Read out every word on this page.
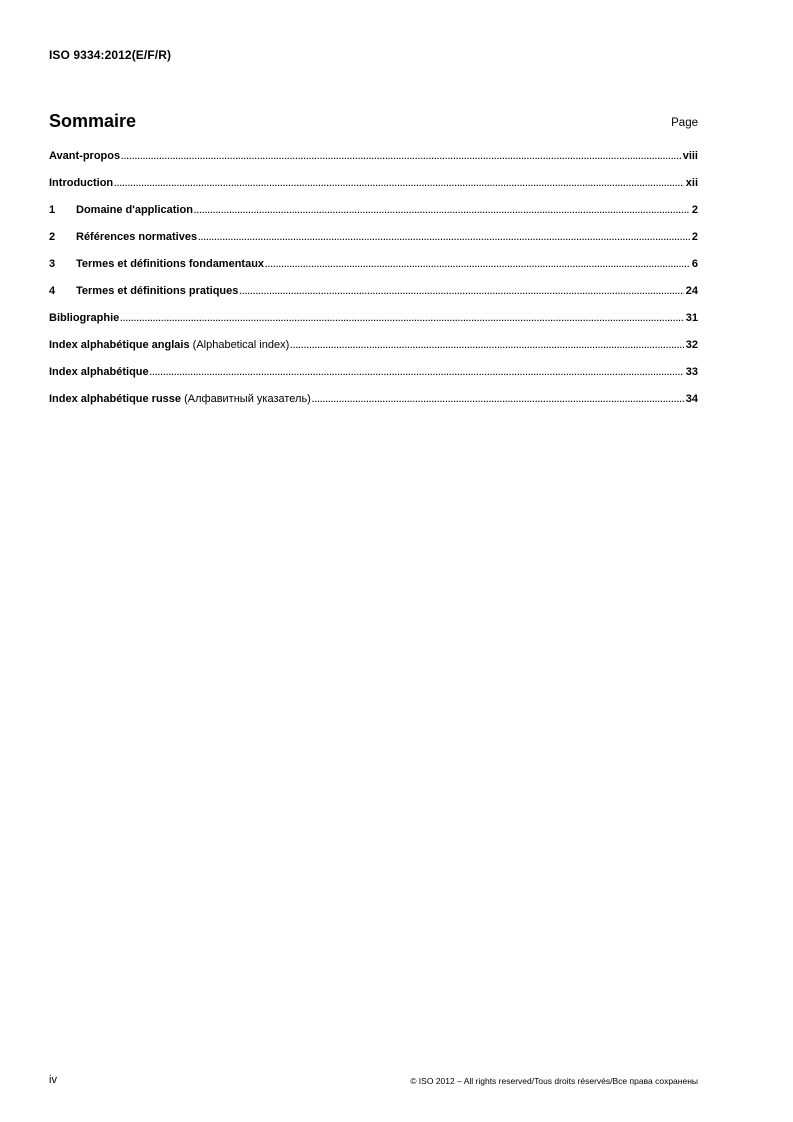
ISO 9334:2012(E/F/R)
Sommaire	Page
Avant-propos .....	viii
Introduction .....	xii
1	Domaine d'application .....	2
2	Références normatives .....	2
3	Termes et définitions fondamentaux .....	6
4	Termes et définitions pratiques .....	24
Bibliographie .....	31
Index alphabétique anglais (Alphabetical index) .....	32
Index alphabétique .....	33
Index alphabétique russe (Алфавитный указатель) .....	34
iv	© ISO 2012 – All rights reserved/Tous droits réservés/Все права сохранены
